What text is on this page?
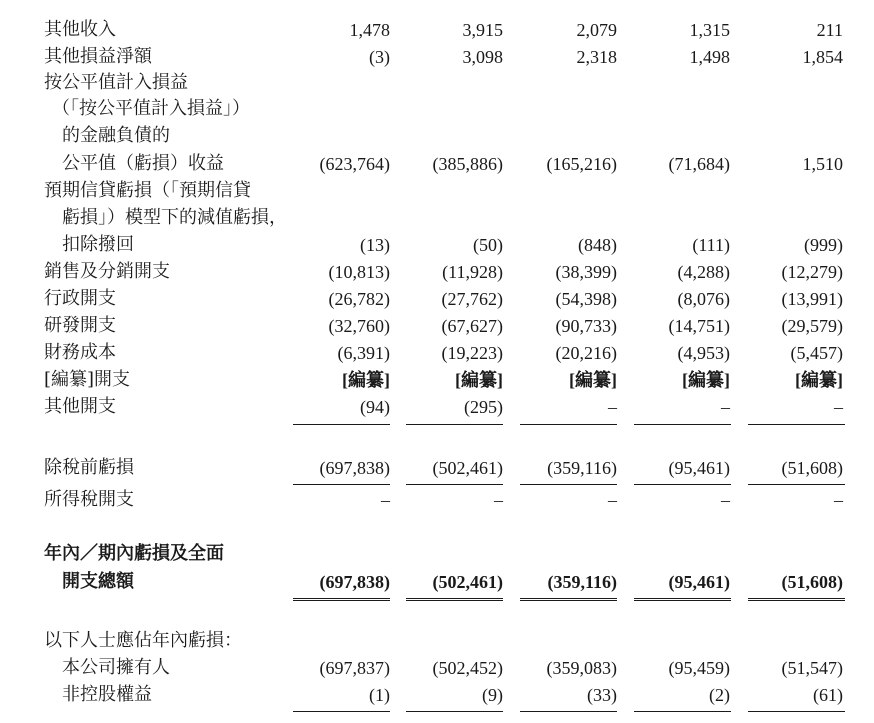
其他收入	1,478	3,915	2,079	1,315	211
其他損益淨額	(3)	3,098	2,318	1,498	1,854
按公平值計入損益
（「按公平值計入損益」）
的金融負債的
公平值（虧損）收益	(623,764)	(385,886)	(165,216)	(71,684)	1,510
預期信貸虧損（「預期信貸
虧損」）模型下的減值虧損，
扣除撥回	(13)	(50)	(848)	(111)	(999)
銷售及分銷開支	(10,813)	(11,928)	(38,399)	(4,288)	(12,279)
行政開支	(26,782)	(27,762)	(54,398)	(8,076)	(13,991)
研發開支	(32,760)	(67,627)	(90,733)	(14,751)	(29,579)
財務成本	(6,391)	(19,223)	(20,216)	(4,953)	(5,457)
[編纂]開支	[編纂]	[編纂]	[編纂]	[編纂]	[編纂]
其他開支	(94)	(295)	–	–	–
除稅前虧損	(697,838)	(502,461)	(359,116)	(95,461)	(51,608)
所得稅開支	–	–	–	–	–
年內／期內虧損及全面
開支總額	(697,838)	(502,461)	(359,116)	(95,461)	(51,608)
以下人士應佔年內虧損：
本公司擁有人	(697,837)	(502,452)	(359,083)	(95,459)	(51,547)
非控股權益	(1)	(9)	(33)	(2)	(61)
